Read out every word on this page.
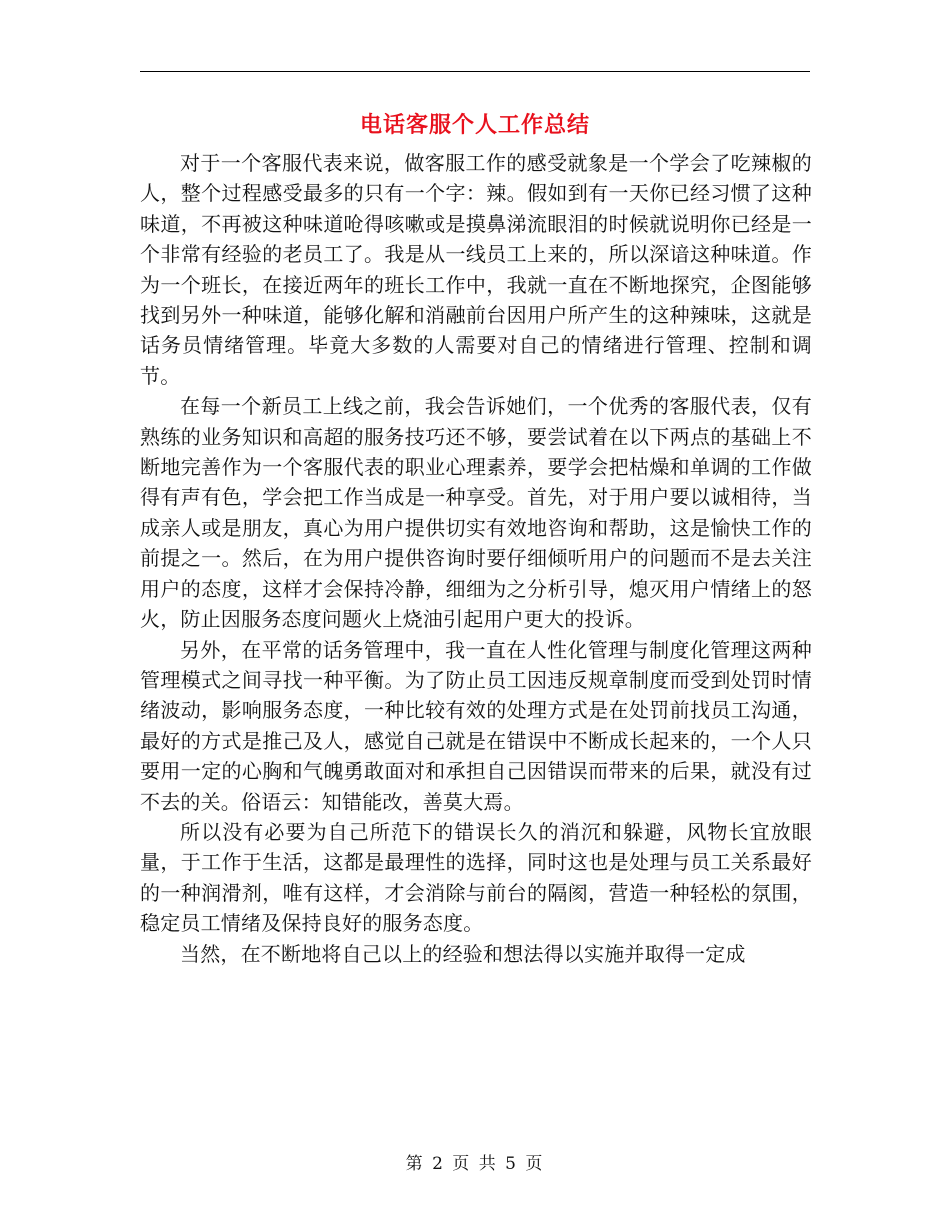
电话客服个人工作总结

对于一个客服代表来说，做客服工作的感受就象是一个学会了吃辣椒的人，整个过程感受最多的只有一个字：辣。假如到有一天你已经习惯了这种味道，不再被这种味道呛得咳嗽或是摸鼻涕流眼泪的时候就说明你已经是一个非常有经验的老员工了。我是从一线员工上来的，所以深谙这种味道。作为一个班长，在接近两年的班长工作中，我就一直在不断地探究，企图能够找到另外一种味道，能够化解和消融前台因用户所产生的这种辣味，这就是话务员情绪管理。毕竟大多数的人需要对自己的情绪进行管理、控制和调节。

在每一个新员工上线之前，我会告诉她们，一个优秀的客服代表，仅有熟练的业务知识和高超的服务技巧还不够，要尝试着在以下两点的基础上不断地完善作为一个客服代表的职业心理素养，要学会把枯燥和单调的工作做得有声有色，学会把工作当成是一种享受。首先，对于用户要以诚相待，当成亲人或是朋友，真心为用户提供切实有效地咨询和帮助，这是愉快工作的前提之一。然后，在为用户提供咨询时要仔细倾听用户的问题而不是去关注用户的态度，这样才会保持冷静，细细为之分析引导，熄灭用户情绪上的怒火，防止因服务态度问题火上烧油引起用户更大的投诉。

另外，在平常的话务管理中，我一直在人性化管理与制度化管理这两种管理模式之间寻找一种平衡。为了防止员工因违反规章制度而受到处罚时情绪波动，影响服务态度，一种比较有效的处理方式是在处罚前找员工沟通，最好的方式是推己及人，感觉自己就是在错误中不断成长起来的，一个人只要用一定的心胸和气魄勇敢面对和承担自己因错误而带来的后果，就没有过不去的关。俗语云：知错能改，善莫大焉。

所以没有必要为自己所范下的错误长久的消沉和躲避，风物长宜放眼量，于工作于生活，这都是最理性的选择，同时这也是处理与员工关系最好的一种润滑剂，唯有这样，才会消除与前台的隔阂，营造一种轻松的氛围，稳定员工情绪及保持良好的服务态度。

当然，在不断地将自己以上的经验和想法得以实施并取得一定成

第 2 页 共 5 页
